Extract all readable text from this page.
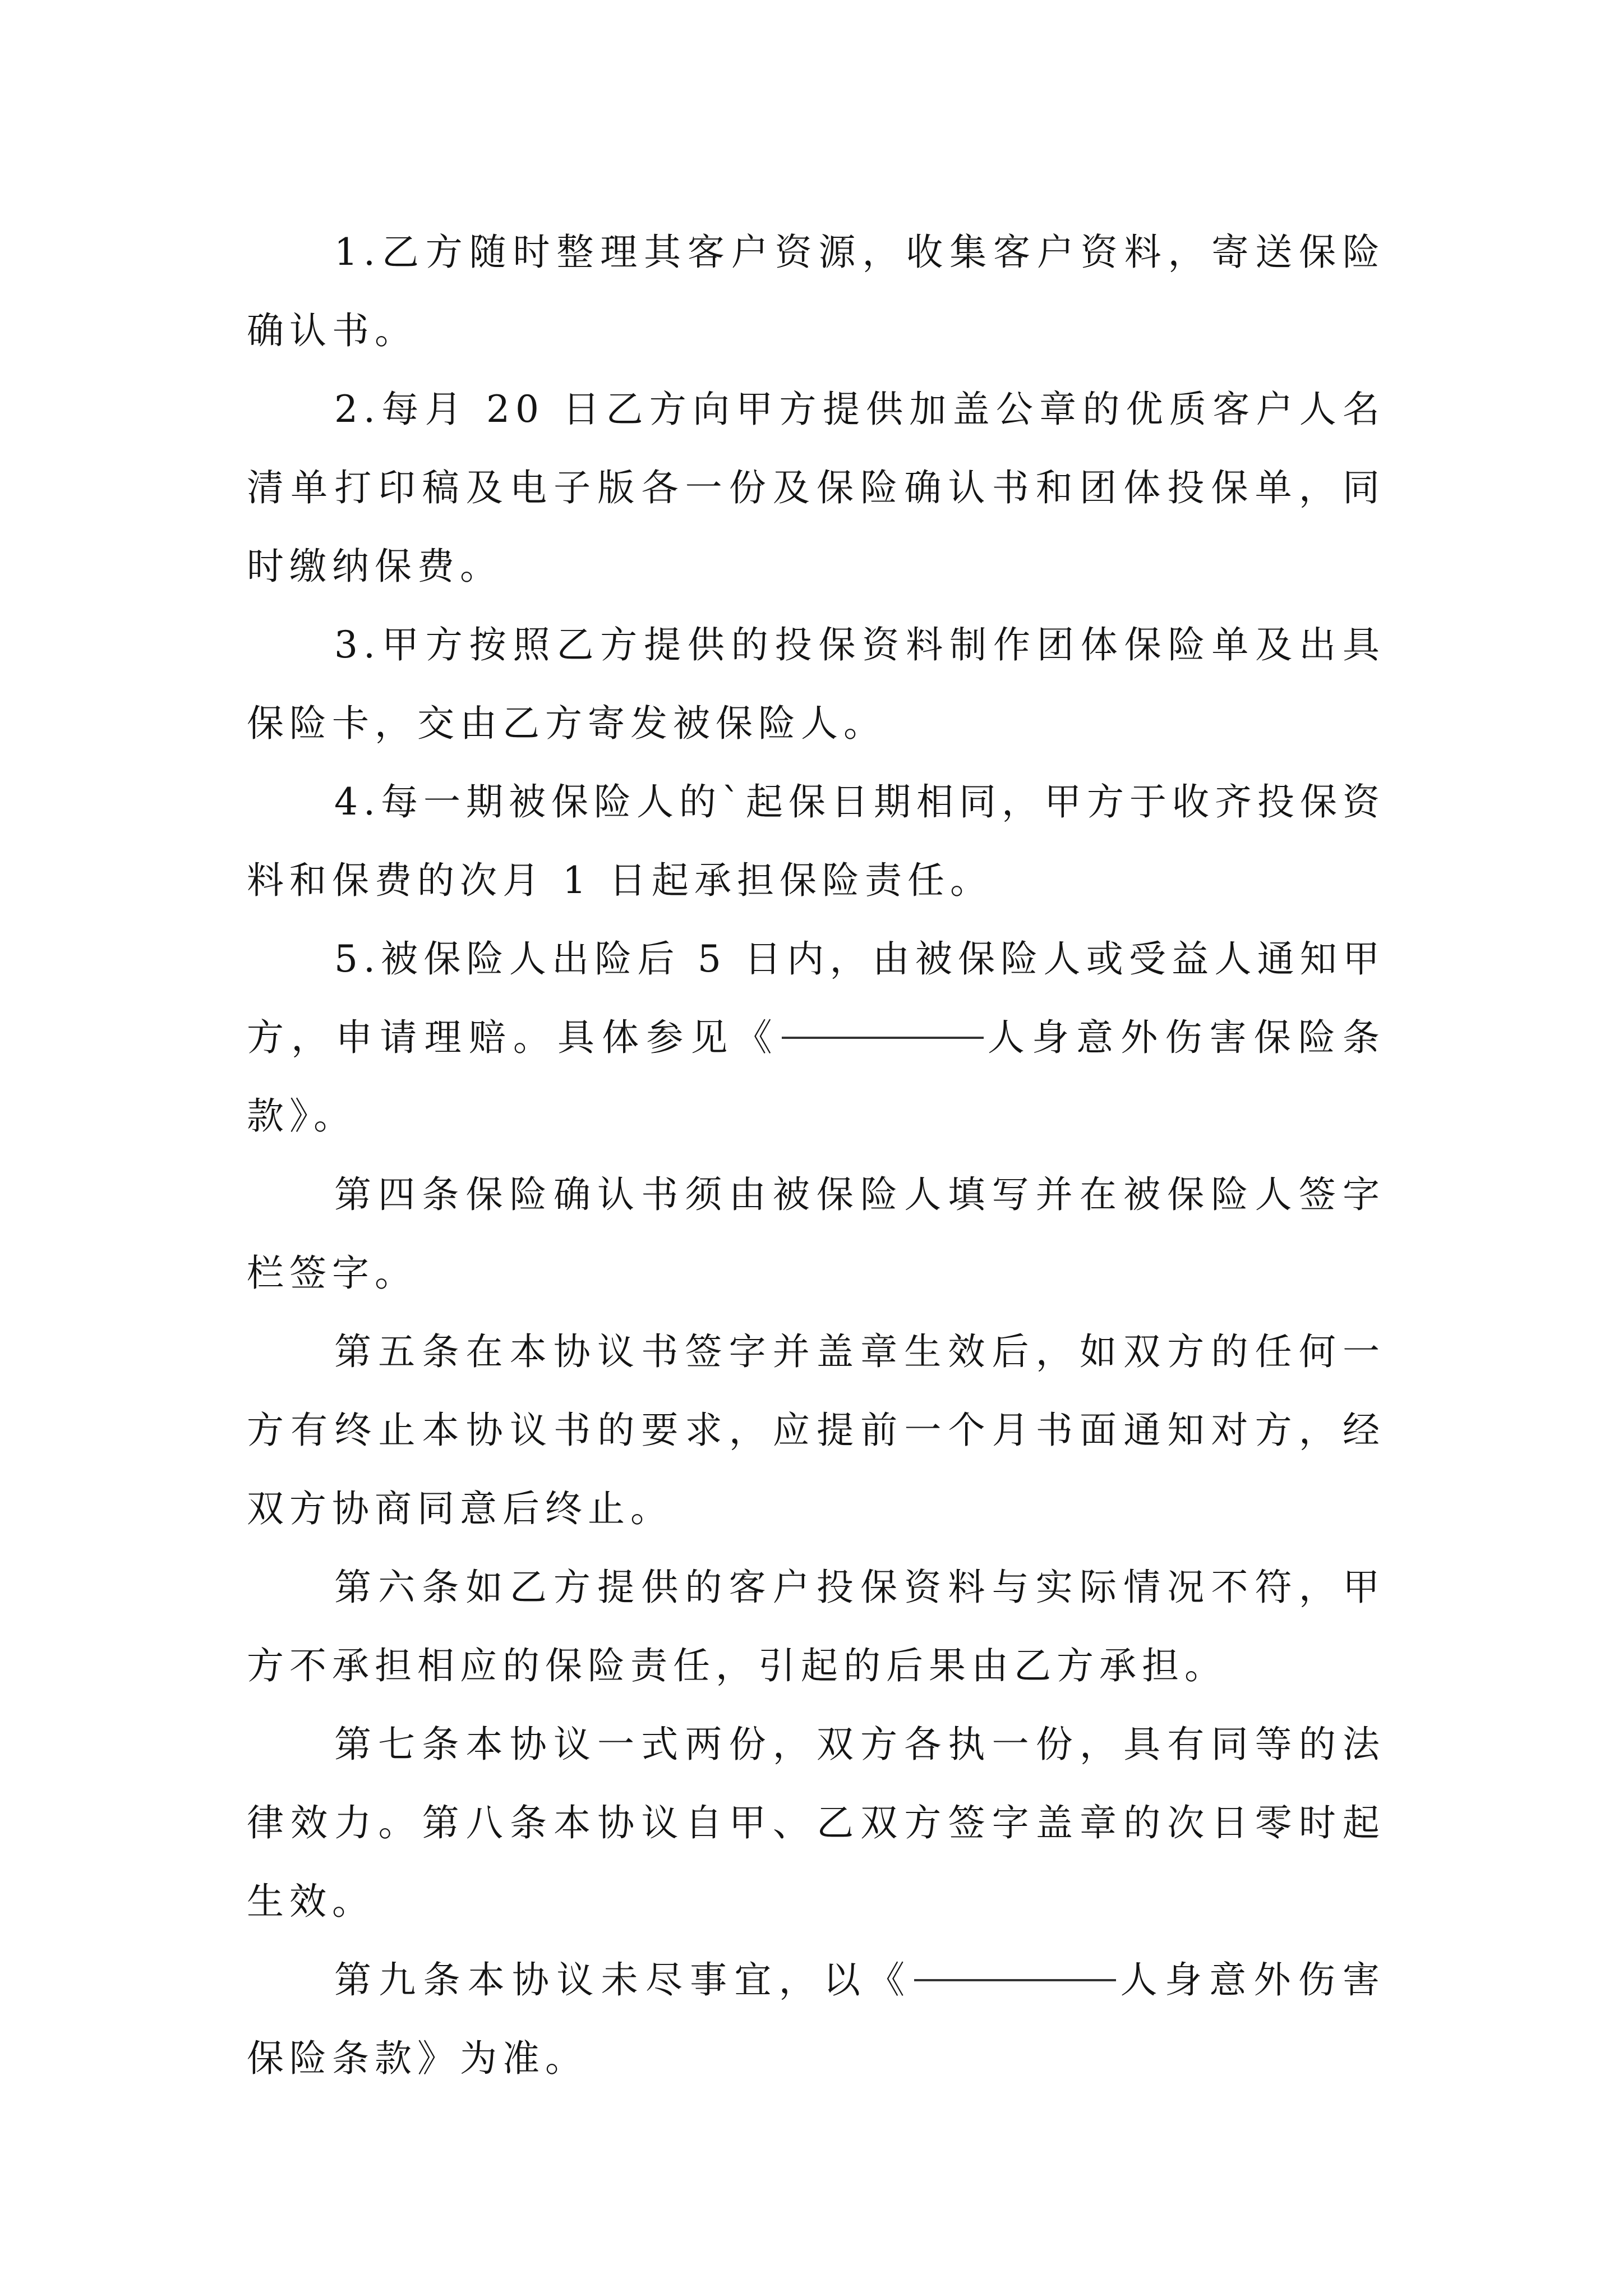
1.乙方随时整理其客户资源，收集客户资料，寄送保险确认书。

2.每月 20 日乙方向甲方提供加盖公章的优质客户人名清单打印稿及电子版各一份及保险确认书和团体投保单，同时缴纳保费。

3.甲方按照乙方提供的投保资料制作团体保险单及出具保险卡，交由乙方寄发被保险人。

4.每一期被保险人的`起保日期相同，甲方于收齐投保资料和保费的次月 1 日起承担保险责任。

5.被保险人出险后 5 日内，由被保险人或受益人通知甲方，申请理赔。具体参见《	人身意外伤害保险条款》。

第四条保险确认书须由被保险人填写并在被保险人签字栏签字。

第五条在本协议书签字并盖章生效后，如双方的任何一方有终止本协议书的要求，应提前一个月书面通知对方，经双方协商同意后终止。

第六条如乙方提供的客户投保资料与实际情况不符，甲方不承担相应的保险责任，引起的后果由乙方承担。

第七条本协议一式两份，双方各执一份，具有同等的法律效力。第八条本协议自甲、乙双方签字盖章的次日零时起生效。

第九条本协议未尽事宜，以《	人身意外伤害保险条款》为准。
